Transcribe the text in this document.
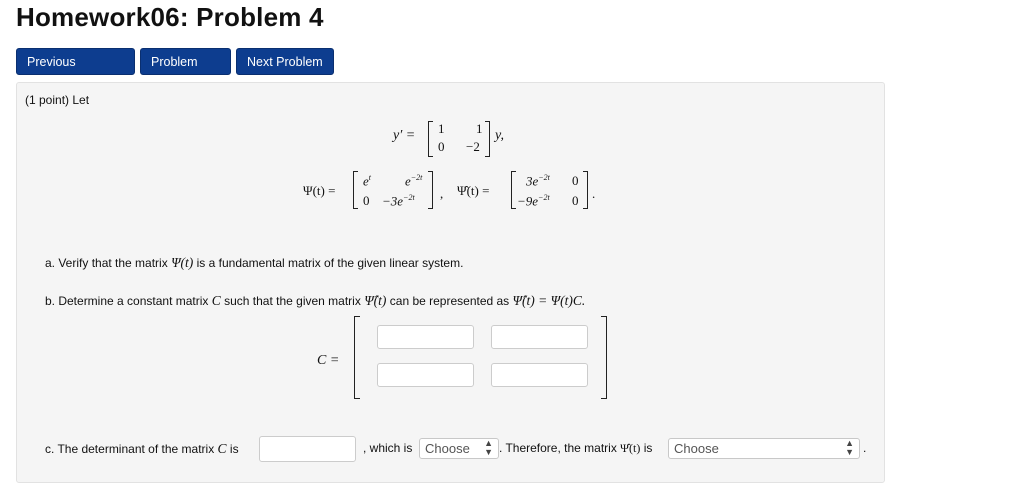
Homework06: Problem 4
Previous	Problem	Next Problem
(1 point) Let
y′ = 1 1
0 −2
y,
Ψ(t) =
$e^t$	$e^{-2t}$
$0 -3e^{-2t}$ , Ψ̂(t) =
$3e^{-2t}$ 0
$-9e^{-2t}$ 0 .
a. Verify that the matrix Ψ(t) is a fundamental matrix of the given linear system.
b. Determine a constant matrix C such that the given matrix Ψ̂(t) can be represented as Ψ̂(t) = Ψ(t)C.
C =
c. The determinant of the matrix C is	, which is Choose ▲
▼ . Therefore, the matrix Ψ̂(t) is	Choose	▲
▼ .
